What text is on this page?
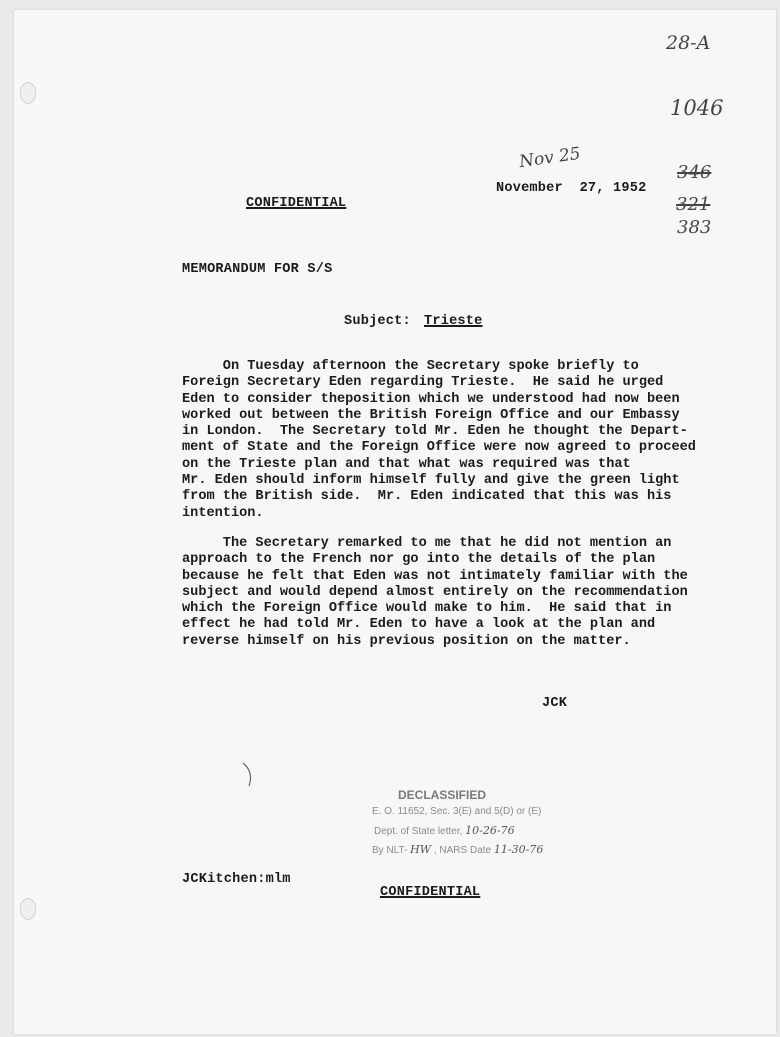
28-A
1046
Nov 25
346
321
383
CONFIDENTIAL
November  27, 1952
MEMORANDUM FOR S/S
Subject: Trieste
On Tuesday afternoon the Secretary spoke briefly to
Foreign Secretary Eden regarding Trieste.  He said he urged
Eden to consider theposition which we understood had now been
worked out between the British Foreign Office and our Embassy
in London.  The Secretary told Mr. Eden he thought the Depart-
ment of State and the Foreign Office were now agreed to proceed
on the Trieste plan and that what was required was that
Mr. Eden should inform himself fully and give the green light
from the British side.  Mr. Eden indicated that this was his
intention.
The Secretary remarked to me that he did not mention an
approach to the French nor go into the details of the plan
because he felt that Eden was not intimately familiar with the
subject and would depend almost entirely on the recommendation
which the Foreign Office would make to him.  He said that in
effect he had told Mr. Eden to have a look at the plan and
reverse himself on his previous position on the matter.
JCK
DECLASSIFIED
E. O. 11652, Sec. 3(E) and 5(D) or (E)
Dept. of State letter, 10-26-76
By NLT- HW , NARS Date 11-30-76
JCKitchen:mlm
CONFIDENTIAL
